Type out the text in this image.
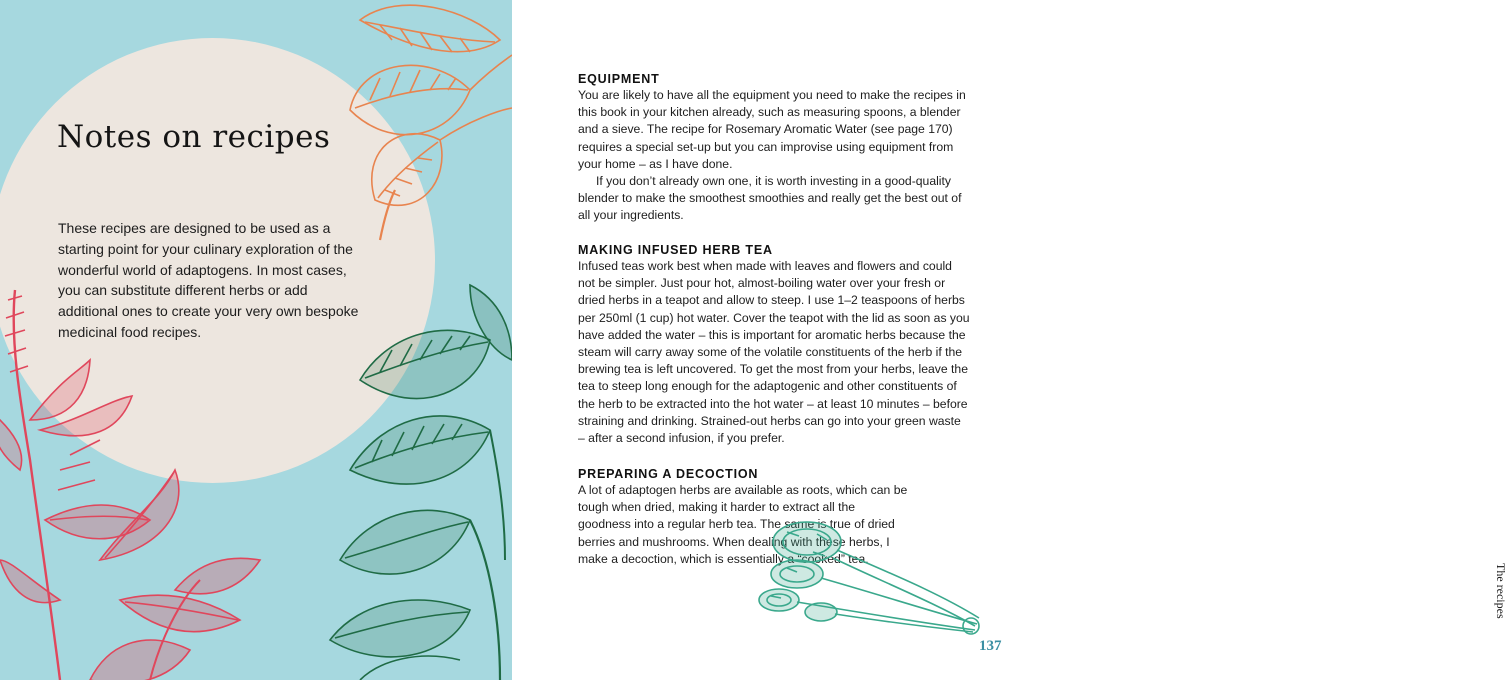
Notes on recipes

These recipes are designed to be used as a starting point for your culinary exploration of the wonderful world of adaptogens. In most cases, you can substitute different herbs or add additional ones to create your very own bespoke medicinal food recipes.

EQUIPMENT

You are likely to have all the equipment you need to make the recipes in this book in your kitchen already, such as measuring spoons, a blender and a sieve. The recipe for Rosemary Aromatic Water (see page 170) requires a special set-up but you can improvise using equipment from your home – as I have done.

If you don’t already own one, it is worth investing in a good-quality blender to make the smoothest smoothies and really get the best out of all your ingredients.

MAKING INFUSED HERB TEA

Infused teas work best when made with leaves and flowers and could not be simpler. Just pour hot, almost-boiling water over your fresh or dried herbs in a teapot and allow to steep. I use 1–2 teaspoons of herbs per 250ml (1 cup) hot water. Cover the teapot with the lid as soon as you have added the water – this is important for aromatic herbs because the steam will carry away some of the volatile constituents of the herb if the brewing tea is left uncovered. To get the most from your herbs, leave the tea to steep long enough for the adaptogenic and other constituents of the herb to be extracted into the hot water – at least 10 minutes – before straining and drinking. Strained-out herbs can go into your green waste – after a second infusion, if you prefer.

PREPARING A DECOCTION

A lot of adaptogen herbs are available as roots, which can be tough when dried, making it harder to extract all the goodness into a regular herb tea. The same is true of dried berries and mushrooms. When dealing with these herbs, I make a decoction, which is essentially a “cooked” tea.

The recipes
137
